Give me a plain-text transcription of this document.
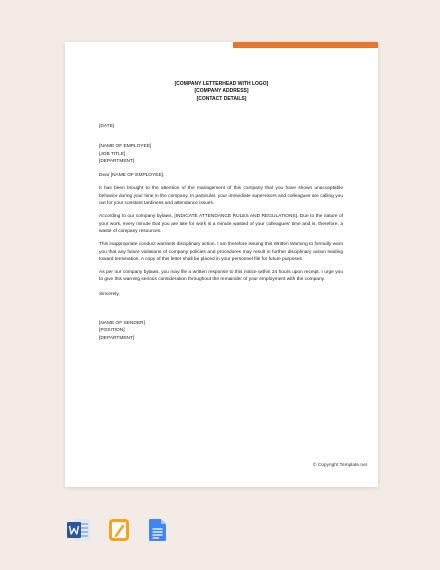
[COMPANY LETTERHEAD WITH LOGO]
[COMPANY ADDRESS]
[CONTACT DETAILS]
[DATE]
[NAME OF EMPLOYEE]
[JOB TITLE]
[DEPARTMENT]
Dear [NAME OF EMPLOYEE],

It has been brought to the attention of the management of this company that you have shown unacceptable behavior during your time in the company. In particular, your immediate supervisors and colleagues are calling you out for your constant tardiness and attendance issues.

According to our company bylaws, [INDICATE ATTENDANCE RULES AND REGULATIONS]. Due to the nature of your work, every minute that you are late for work is a minute wasted of your colleagues' time and is, therefore, a waste of company resources.

This inappropriate conduct warrants disciplinary action. I am therefore issuing this Written Warning to formally warn you that any future violations of company policies and procedures may result in further disciplinary action leading toward termination. A copy of this letter shall be placed in your personnel file for future purposes.

As per our company bylaws, you may file a written response to this notice within 24 hours upon receipt. I urge you to give this warning serious consideration throughout the remainder of your employment with the company.

Sincerely,
[NAME OF SENDER]
[POSITION]
[DEPARTMENT]
© Copyright Template.net
